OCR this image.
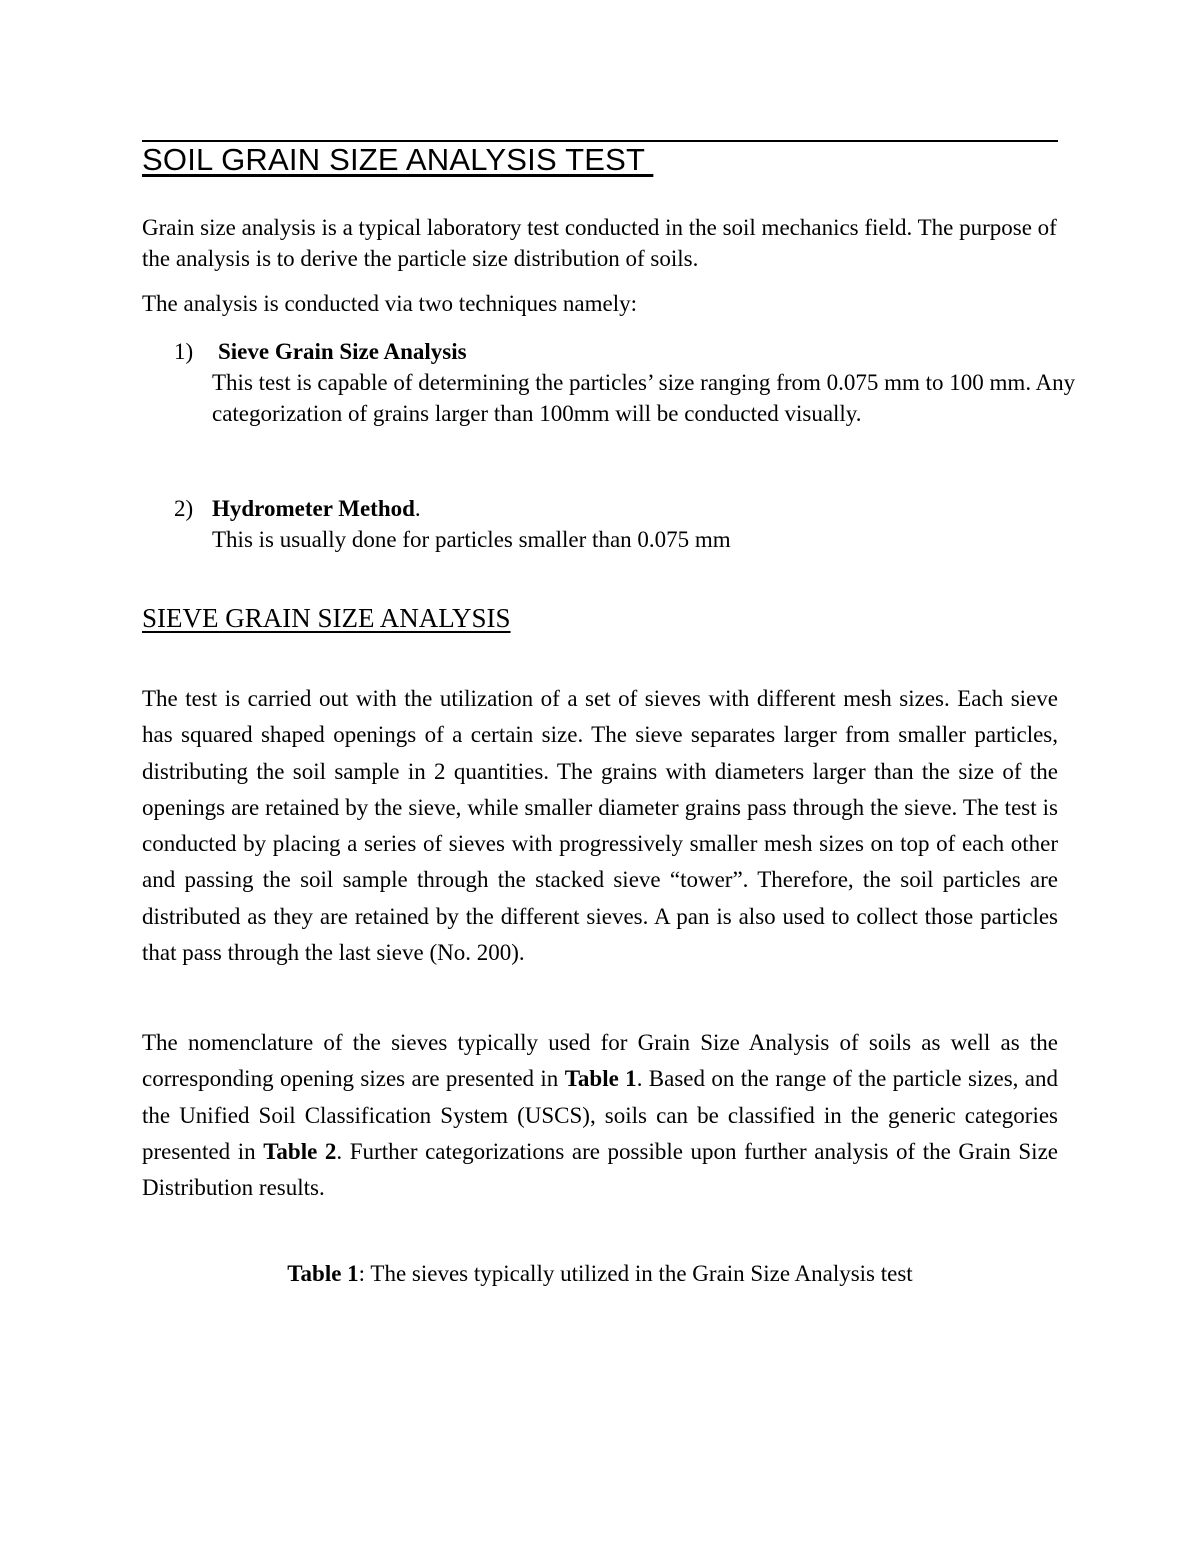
SOIL GRAIN SIZE ANALYSIS TEST

Grain size analysis is a typical laboratory test conducted in the soil mechanics field. The purpose of the analysis is to derive the particle size distribution of soils.

The analysis is conducted via two techniques namely:

1) Sieve Grain Size Analysis
This test is capable of determining the particles’ size ranging from 0.075 mm to 100 mm. Any categorization of grains larger than 100mm will be conducted visually.
2) Hydrometer Method.
This is usually done for particles smaller than 0.075 mm
SIEVE GRAIN SIZE ANALYSIS

The test is carried out with the utilization of a set of sieves with different mesh sizes. Each sieve has squared shaped openings of a certain size. The sieve separates larger from smaller particles, distributing the soil sample in 2 quantities. The grains with diameters larger than the size of the openings are retained by the sieve, while smaller diameter grains pass through the sieve. The test is conducted by placing a series of sieves with progressively smaller mesh sizes on top of each other and passing the soil sample through the stacked sieve “tower”. Therefore, the soil particles are distributed as they are retained by the different sieves. A pan is also used to collect those particles that pass through the last sieve (No. 200).

The nomenclature of the sieves typically used for Grain Size Analysis of soils as well as the corresponding opening sizes are presented in Table 1. Based on the range of the particle sizes, and the Unified Soil Classification System (USCS), soils can be classified in the generic categories presented in Table 2. Further categorizations are possible upon further analysis of the Grain Size Distribution results.

Table 1: The sieves typically utilized in the Grain Size Analysis test
